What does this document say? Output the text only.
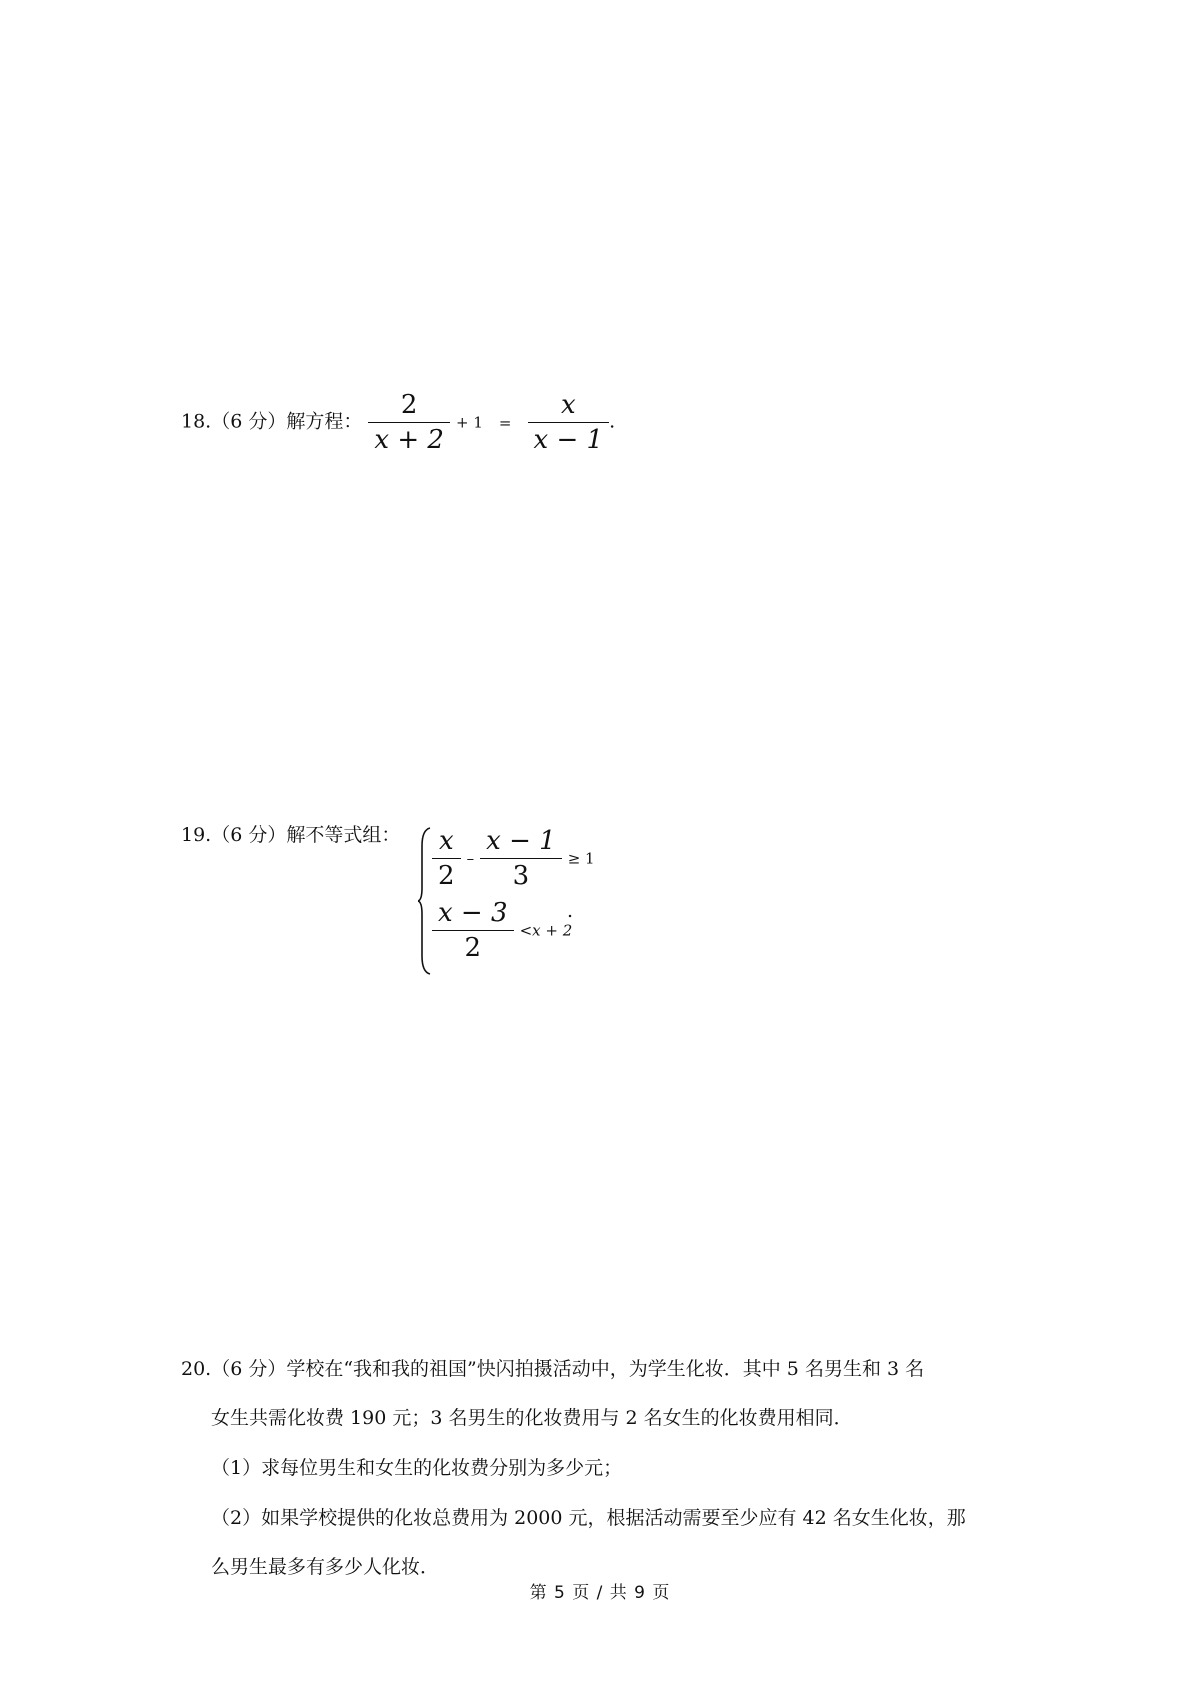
18.（6 分）解方程： $\frac{2}{x + 2} + 1 = \frac{x}{x - 1}$ .
19.（6 分）解不等式组： $\frac{x}{2} - \frac{x - 1}{3} \ge 1$
$\frac{x - 3}{2} <x + 2$
.
20.（6 分）学校在“我和我的祖国”快闪拍摄活动中，为学生化妆．其中 5 名男生和 3 名
女生共需化妆费 190 元；3 名男生的化妆费用与 2 名女生的化妆费用相同．
（1）求每位男生和女生的化妆费分别为多少元；
（2）如果学校提供的化妆总费用为 2000 元，根据活动需要至少应有 42 名女生化妆，那
么男生最多有多少人化妆．
第 5 页 / 共 9 页
